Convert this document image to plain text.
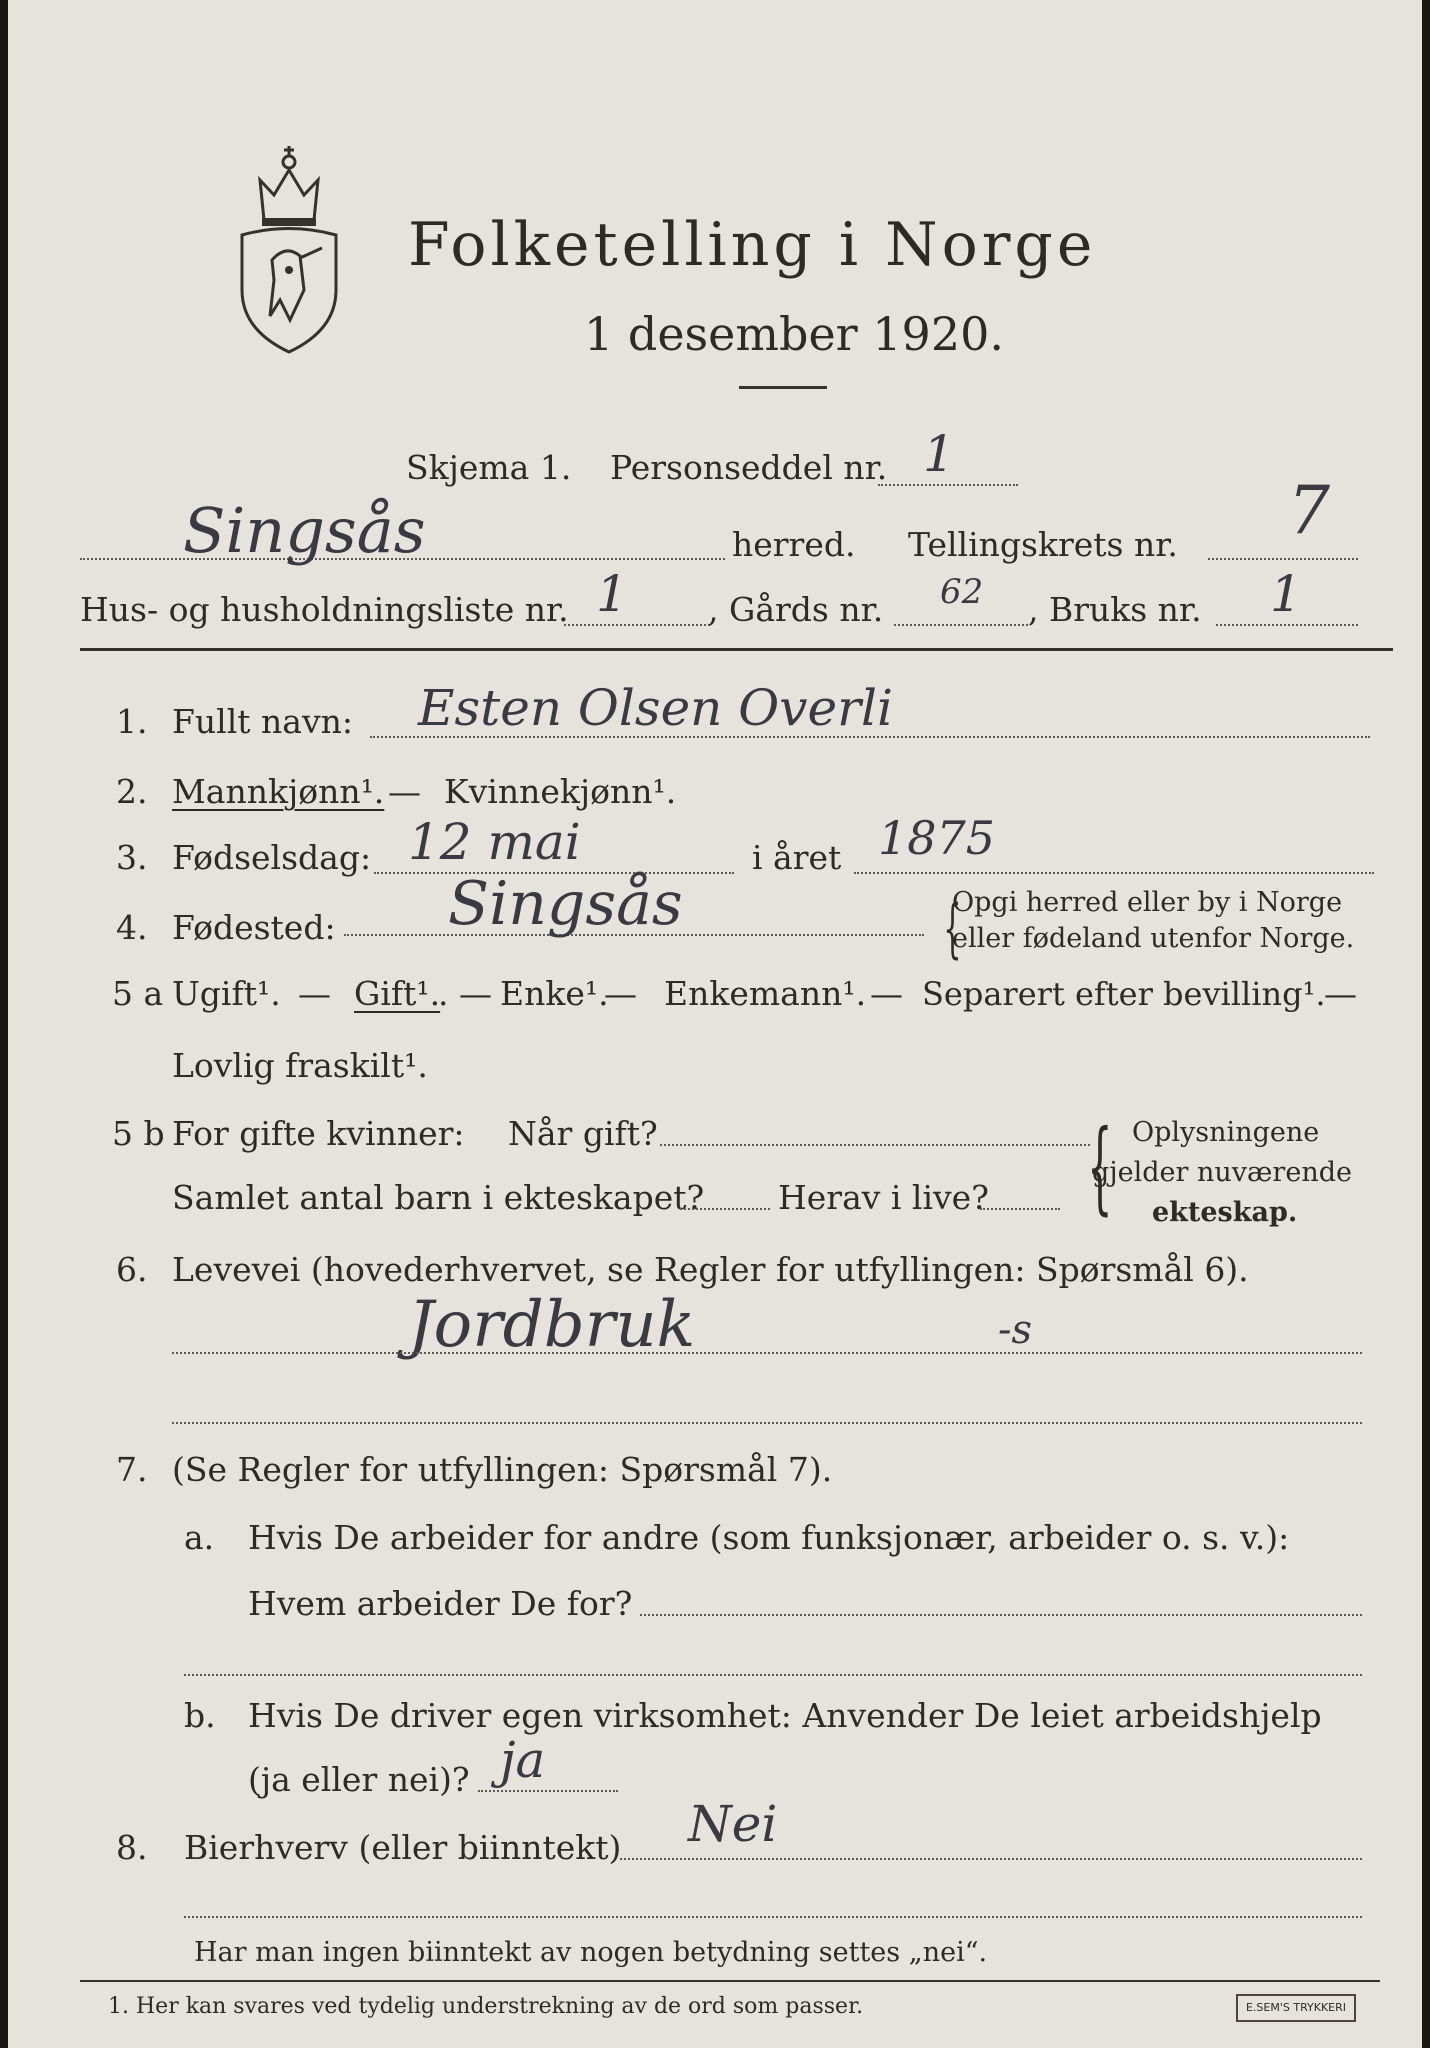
Folketelling i Norge
1 desember 1920.
Skjema 1. Personseddel nr. 1
Singsås	herred. Tellingskrets nr. 7
Hus- og husholdningsliste nr. 1 , Gårds nr. 62 , Bruks nr. 1
1. Fullt navn: Esten Olsen Overli
2. Mannkjønn¹. — Kvinnekjønn¹.
3. Fødselsdag: 12 mai	i året 1875
4. Fødested: Singsås	{
Opgi herred eller by i Norge
eller fødeland utenfor Norge.
5 a Ugift¹. — Gift¹.
. — Enke¹.
— Enkemann¹. — Separert efter bevilling¹.
—
Lovlig fraskilt¹.
5 b For gifte kvinner: Når gift?
Samlet antal barn i ekteskapet? Herav i live? { Oplysningene
gjelder nuværende
ekteskap.
6. Levevei (hovederhvervet, se Regler for utfyllingen: Spørsmål 6).
Jordbruk	-s
7. (Se Regler for utfyllingen: Spørsmål 7).
a. Hvis De arbeider for andre (som funksjonær, arbeider o. s. v.):
Hvem arbeider De for?
b. Hvis De driver egen virksomhet: Anvender De leiet arbeidshjelp
(ja eller nei)? ja
8. Bierhverv (eller biinntekt) Nei
Har man ingen biinntekt av nogen betydning settes „nei“.
1. Her kan svares ved tydelig understrekning av de ord som passer.	E.SEM'S TRYKKERI
